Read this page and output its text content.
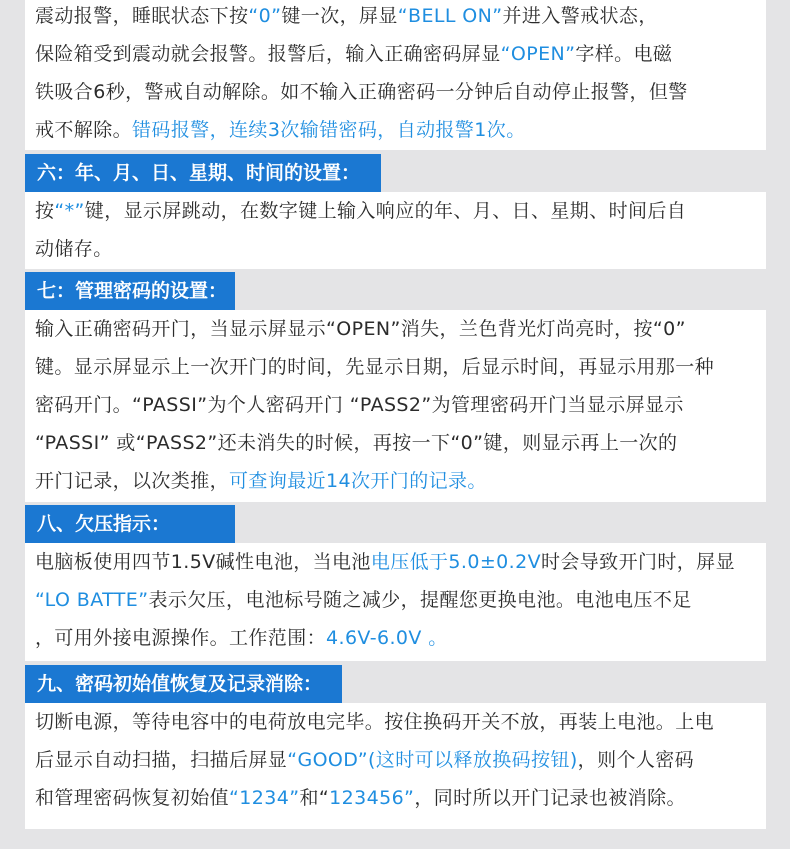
震动报警，睡眠状态下按“0”键一次，屏显“BELL ON”并进入警戒状态，

保险箱受到震动就会报警。报警后，输入正确密码屏显“OPEN”字样。电磁

铁吸合6秒，警戒自动解除。如不输入正确密码一分钟后自动停止报警，但警

戒不解除。错码报警，连续3次输错密码，自动报警1次。

六：年、月、日、星期、时间的设置：

按“*”键，显示屏跳动，在数字键上输入响应的年、月、日、星期、时间后自

动储存。

七：管理密码的设置：

输入正确密码开门，当显示屏显示“OPEN”消失，兰色背光灯尚亮时，按“0”

键。显示屏显示上一次开门的时间，先显示日期，后显示时间，再显示用那一种

密码开门。“PASSI”为个人密码开门 “PASS2”为管理密码开门当显示屏显示

“PASSI” 或“PASS2”还未消失的时候，再按一下“0”键，则显示再上一次的

开门记录，以次类推，可查询最近14次开门的记录。

八、欠压指示：

电脑板使用四节1.5V碱性电池，当电池电压低于5.0±0.2V时会导致开门时，屏显

“LO BATTE”表示欠压，电池标号随之减少，提醒您更换电池。电池电压不足

，可用外接电源操作。工作范围：4.6V-6.0V 。

九、密码初始值恢复及记录消除：

切断电源，等待电容中的电荷放电完毕。按住换码开关不放，再装上电池。上电

后显示自动扫描，扫描后屏显“GOOD”(这时可以释放换码按钮)，则个人密码

和管理密码恢复初始值“1234”和“123456”，同时所以开门记录也被消除。
